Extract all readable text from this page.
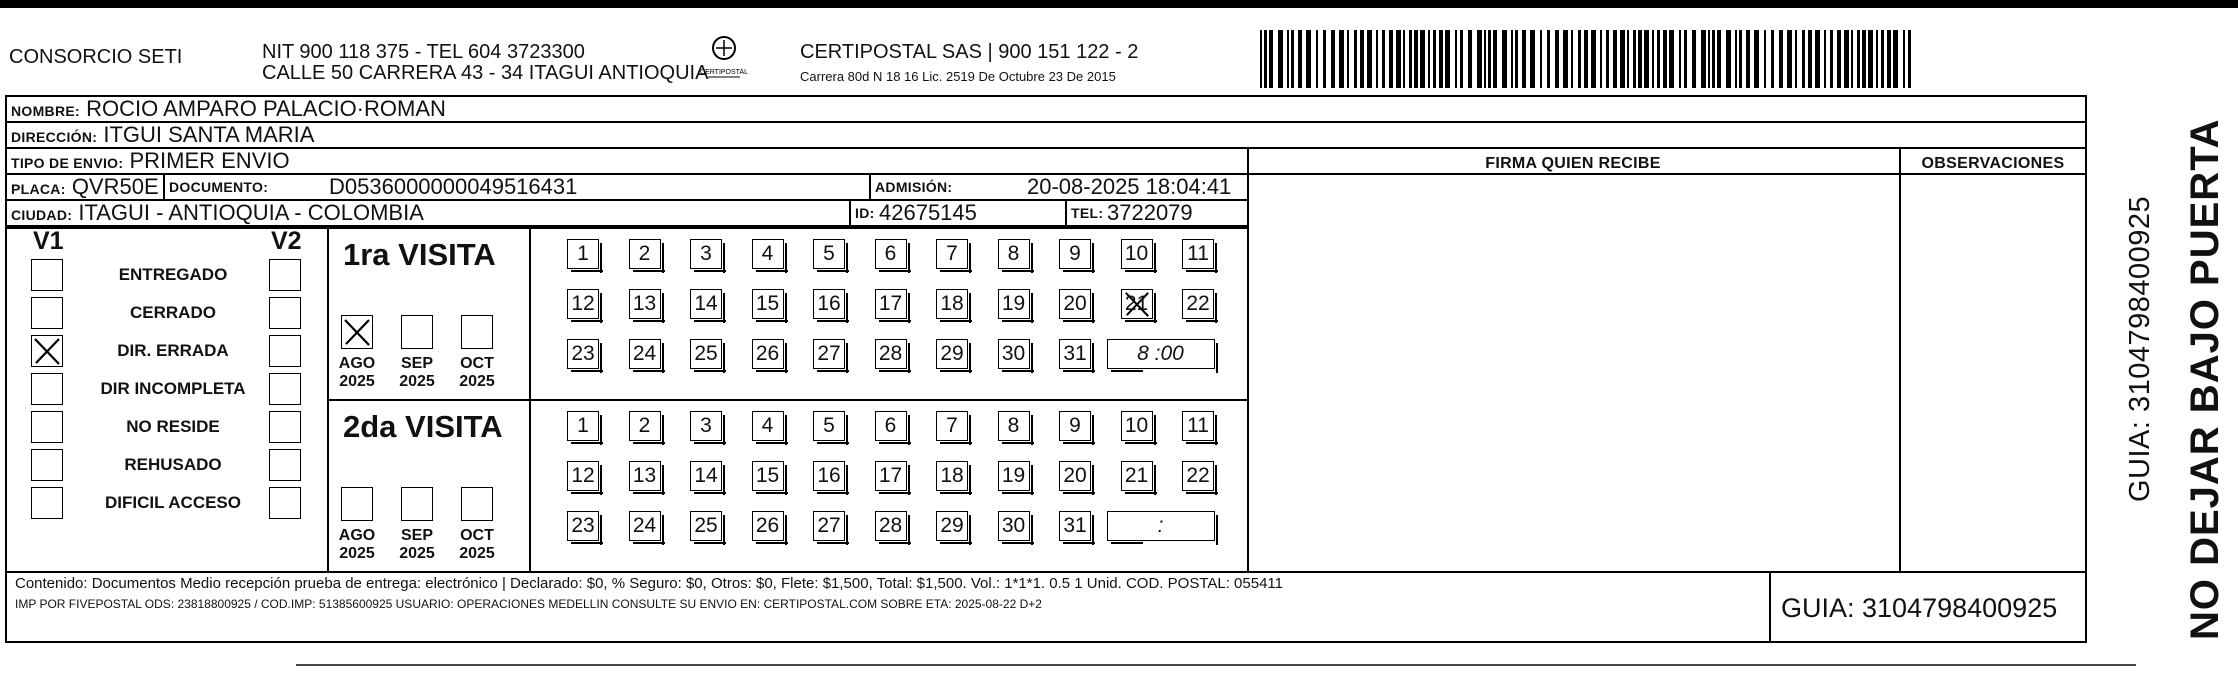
CONSORCIO SETI	NIT 900 118 375 - TEL 604 3723300
CALLE 50 CARRERA 43 - 34 ITAGUI ANTIOQUIA
CERTIPOSTAL
CERTIPOSTAL SAS | 900 151 122 - 2
Carrera 80d N 18 16 Lic. 2519 De Octubre 23 De 2015
NOMBRE: ROCIO AMPARO PALACIO·ROMAN
DIRECCIÓN: ITGUI SANTA MARIA
TIPO DE ENVIO: PRIMER ENVIO
PLACA: QVR50E DOCUMENTO:	D0536000000049516431	ADMISIÓN:	20-08-2025 18:04:41
CIUDAD: ITAGUI - ANTIOQUIA - COLOMBIA	ID: 42675145	TEL: 3722079
FIRMA QUIEN RECIBE	OBSERVACIONES
V1	V2
ENTREGADO
CERRADO
DIR. ERRADA
DIR INCOMPLETA
NO RESIDE
REHUSADO
DIFICIL ACCESO
1ra VISITA
2da VISITA
AGO
2025
SEP
2025
OCT
2025
AGO
2025
SEP
2025
OCT
2025
1	2	3	4	5	6	7	8	9	10 11
12 13 14 15 16 17 18 19 20 21 22
23 24 25 26 27 28 29 30 31	8 :00
1	2	3	4	5	6	7	8	9	10 11
12 13 14 15 16 17 18 19 20 21 22
23 24 25 26 27 28 29 30 31	:
Contenido: Documentos Medio recepción prueba de entrega: electrónico | Declarado: $0, % Seguro: $0, Otros: $0, Flete: $1,500, Total: $1,500. Vol.: 1*1*1. 0.5 1 Unid. COD. POSTAL: 055411
IMP POR FIVEPOSTAL ODS: 23818800925 / COD.IMP: 51385600925 USUARIO: OPERACIONES MEDELLIN CONSULTE SU ENVIO EN: CERTIPOSTAL.COM SOBRE ETA: 2025-08-22 D+2	GUIA: 3104798400925	NO DEJAR BAJO PUERTA
GUIA: 3104798400925
